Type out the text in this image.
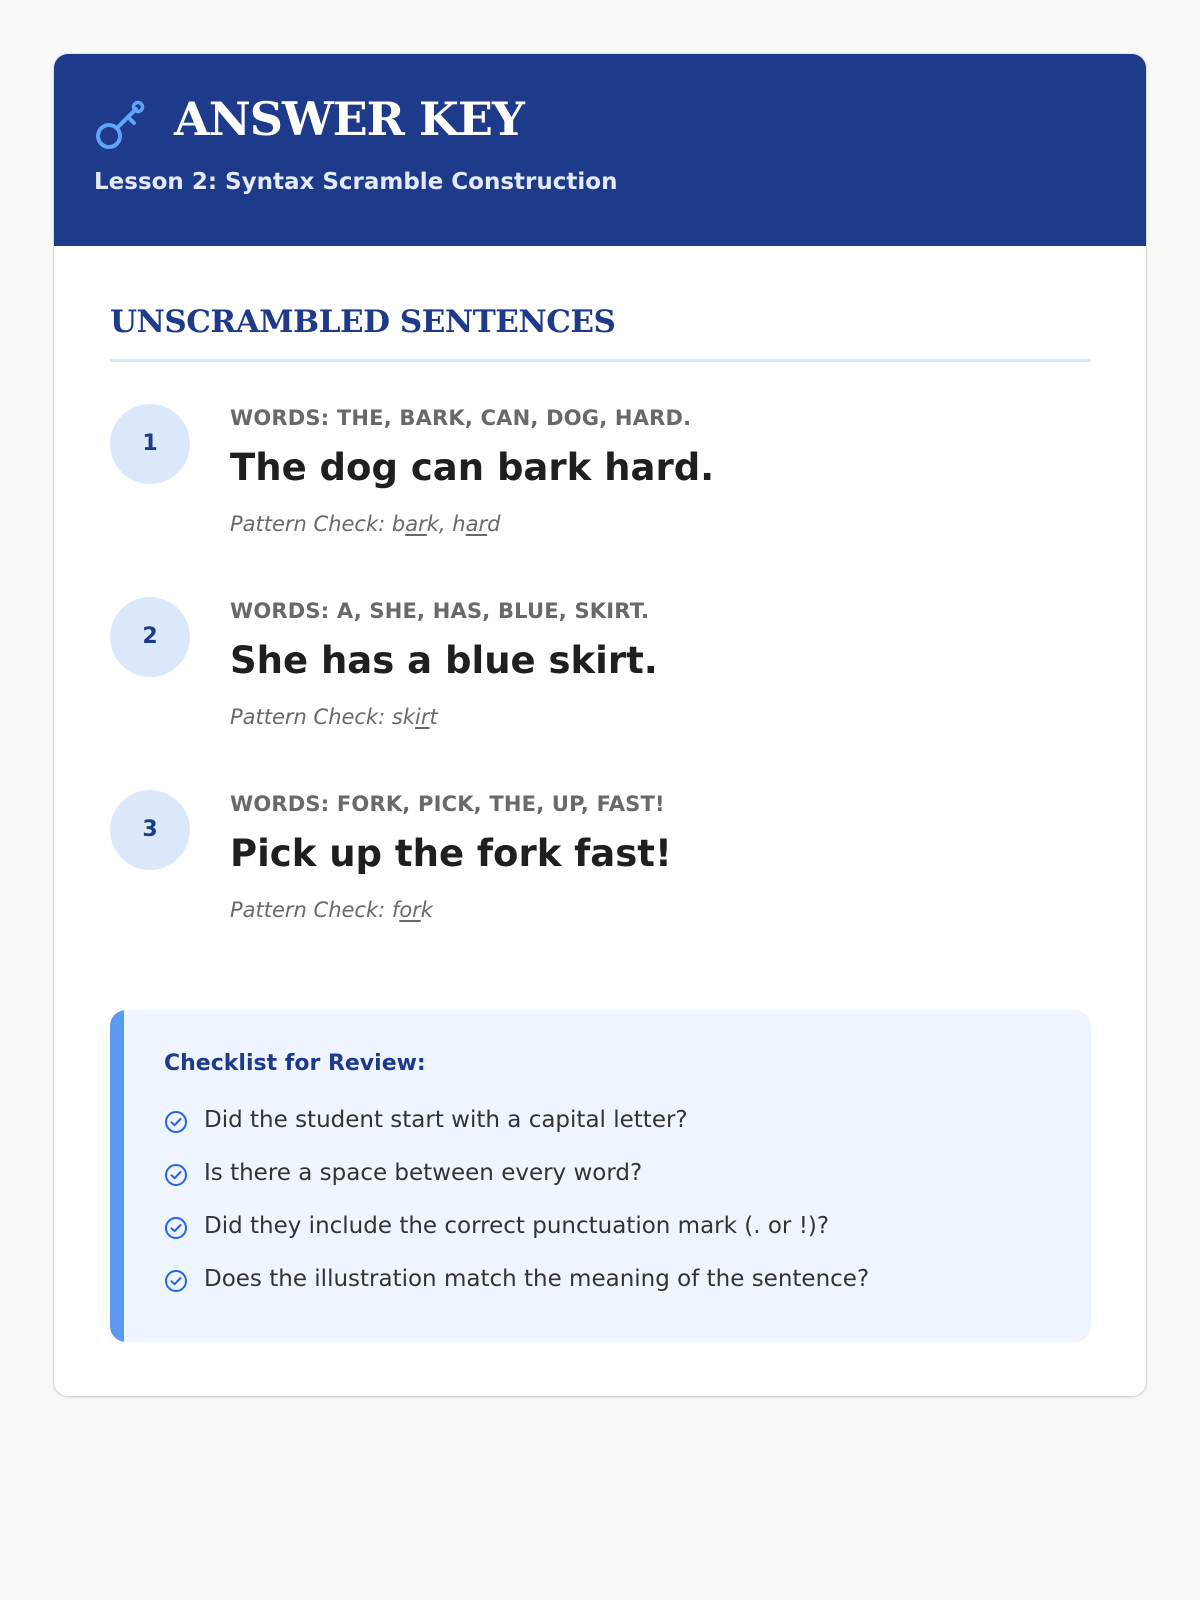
ANSWER KEY

Lesson 2: Syntax Scramble Construction

UNSCRAMBLED SENTENCES
1

WORDS: THE, BARK, CAN, DOG, HARD.

The dog can bark hard.

Pattern Check: bark, hard

2

WORDS: A, SHE, HAS, BLUE, SKIRT.

She has a blue skirt.

Pattern Check: skirt

3

WORDS: FORK, PICK, THE, UP, FAST!

Pick up the fork fast!

Pattern Check: fork

Checklist for Review:

Did the student start with a capital letter?

Is there a space between every word?

Did they include the correct punctuation mark (. or !)?

Does the illustration match the meaning of the sentence?
